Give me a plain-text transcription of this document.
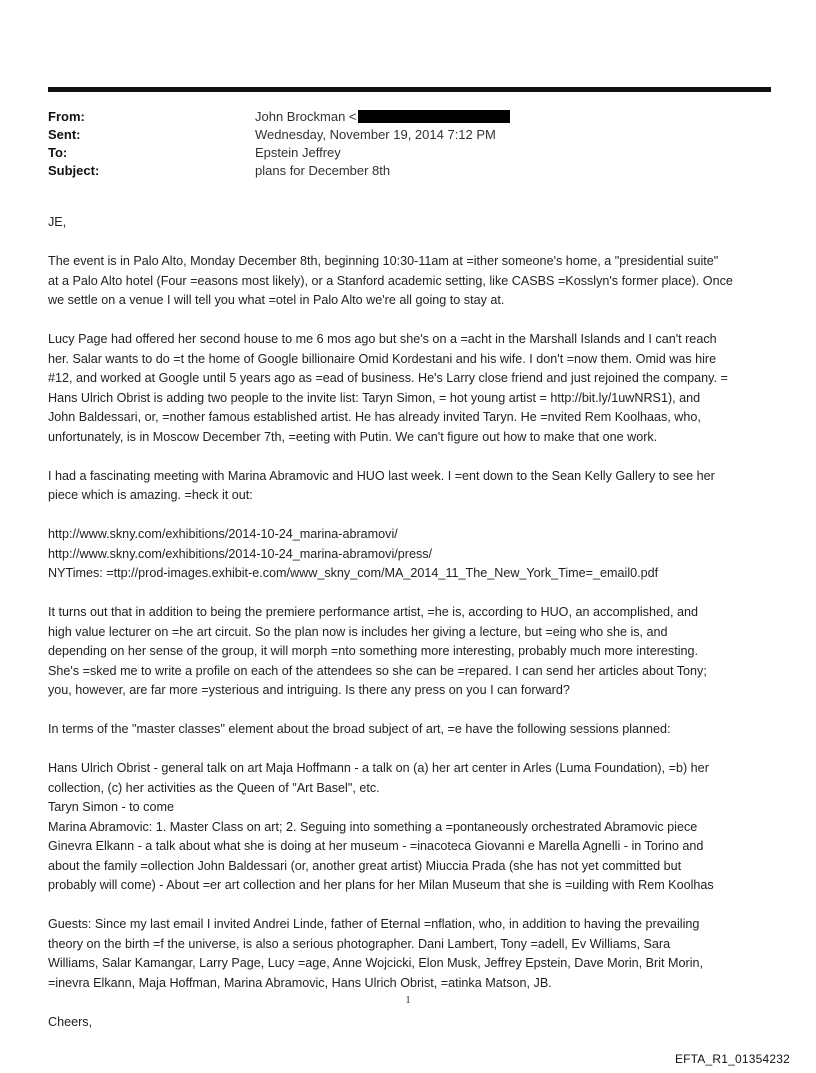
From:	John Brockman <
Sent:	Wednesday, November 19, 2014 7:12 PM
To:	Epstein Jeffrey
Subject:	plans for December 8th

JE,

The event is in Palo Alto, Monday December 8th, beginning 10:30-11am at =ither someone's home, a "presidential suite"
at a Palo Alto hotel (Four =easons most likely), or a Stanford academic setting, like CASBS =Kosslyn's former place). Once
we settle on a venue I will tell you what =otel in Palo Alto we're all going to stay at.

Lucy Page had offered her second house to me 6 mos ago but she's on a =acht in the Marshall Islands and I can't reach
her. Salar wants to do =t the home of Google billionaire Omid Kordestani and his wife. I don't =now them. Omid was hire
#12, and worked at Google until 5 years ago as =ead of business. He's Larry close friend and just rejoined the company. =
Hans Ulrich Obrist is adding two people to the invite list: Taryn Simon, = hot young artist = http://bit.ly/1uwNRS1), and
John Baldessari, or, =nother famous established artist. He has already invited Taryn. He =nvited Rem Koolhaas, who,
unfortunately, is in Moscow December 7th, =eeting with Putin. We can't figure out how to make that one work.

I had a fascinating meeting with Marina Abramovic and HUO last week. I =ent down to the Sean Kelly Gallery to see her
piece which is amazing. =heck it out:

http://www.skny.com/exhibitions/2014-10-24_marina-abramovi/
http://www.skny.com/exhibitions/2014-10-24_marina-abramovi/press/
NYTimes: =ttp://prod-images.exhibit-e.com/www_skny_com/MA_2014_11_The_New_York_Time=_email0.pdf

It turns out that in addition to being the premiere performance artist, =he is, according to HUO, an accomplished, and
high value lecturer on =he art circuit. So the plan now is includes her giving a lecture, but =eing who she is, and
depending on her sense of the group, it will morph =nto something more interesting, probably much more interesting.
She's =sked me to write a profile on each of the attendees so she can be =repared. I can send her articles about Tony;
you, however, are far more =ysterious and intriguing. Is there any press on you I can forward?

In terms of the "master classes" element about the broad subject of art, =e have the following sessions planned:

Hans Ulrich Obrist - general talk on art Maja Hoffmann - a talk on (a) her art center in Arles (Luma Foundation), =b) her
collection, (c) her activities as the Queen of "Art Basel", etc.
Taryn Simon - to come
Marina Abramovic: 1. Master Class on art; 2. Seguing into something a =pontaneously orchestrated Abramovic piece
Ginevra Elkann - a talk about what she is doing at her museum - =inacoteca Giovanni e Marella Agnelli - in Torino and
about the family =ollection John Baldessari (or, another great artist) Miuccia Prada (she has not yet committed but
probably will come) - About =er art collection and her plans for her Milan Museum that she is =uilding with Rem Koolhas

Guests: Since my last email I invited Andrei Linde, father of Eternal =nflation, who, in addition to having the prevailing
theory on the birth =f the universe, is also a serious photographer. Dani Lambert, Tony =adell, Ev Williams, Sara
Williams, Salar Kamangar, Larry Page, Lucy =age, Anne Wojcicki, Elon Musk, Jeffrey Epstein, Dave Morin, Brit Morin,
=inevra Elkann, Maja Hoffman, Marina Abramovic, Hans Ulrich Obrist, =atinka Matson, JB.

Cheers,

1
EFTA_R1_01354232
